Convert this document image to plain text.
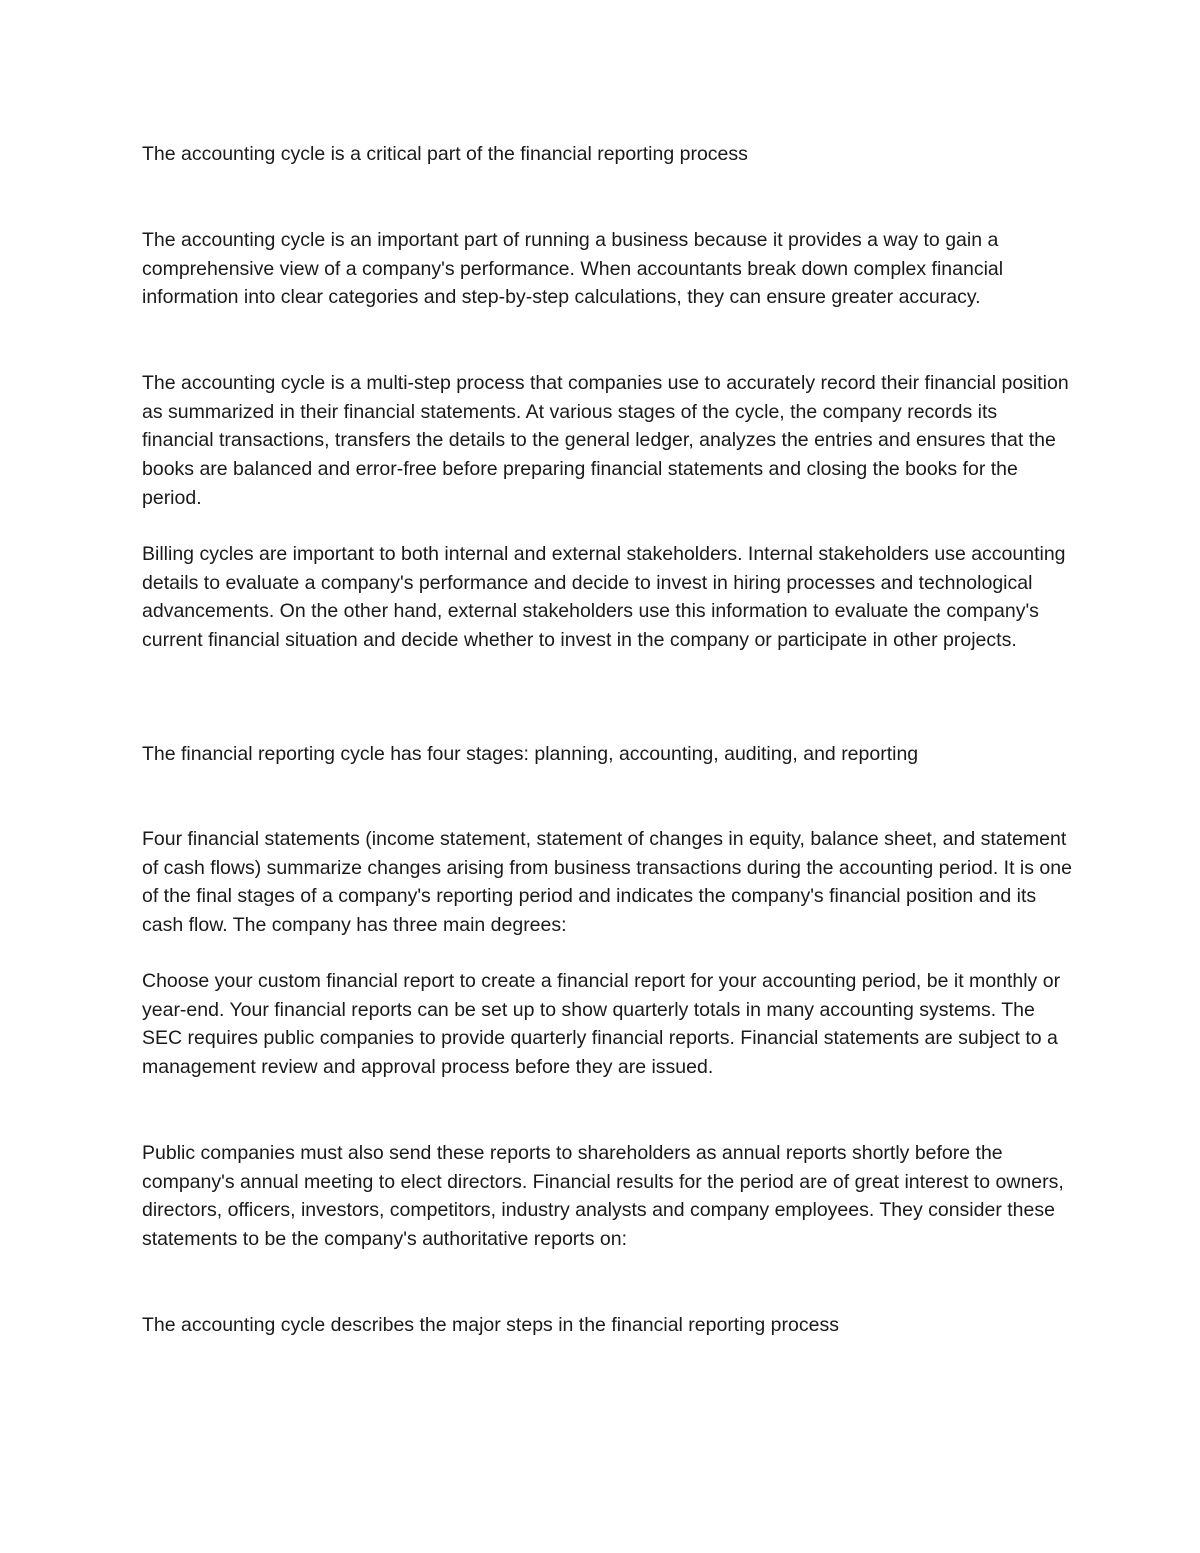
The accounting cycle is a critical part of the financial reporting process

The accounting cycle is an important part of running a business because it provides a way to gain a comprehensive view of a company's performance. When accountants break down complex financial information into clear categories and step-by-step calculations, they can ensure greater accuracy.

The accounting cycle is a multi-step process that companies use to accurately record their financial position as summarized in their financial statements. At various stages of the cycle, the company records its financial transactions, transfers the details to the general ledger, analyzes the entries and ensures that the books are balanced and error-free before preparing financial statements and closing the books for the period.

Billing cycles are important to both internal and external stakeholders. Internal stakeholders use accounting details to evaluate a company's performance and decide to invest in hiring processes and technological advancements. On the other hand, external stakeholders use this information to evaluate the company's current financial situation and decide whether to invest in the company or participate in other projects.

The financial reporting cycle has four stages: planning, accounting, auditing, and reporting

Four financial statements (income statement, statement of changes in equity, balance sheet, and statement of cash flows) summarize changes arising from business transactions during the accounting period. It is one of the final stages of a company's reporting period and indicates the company's financial position and its cash flow. The company has three main degrees:

Choose your custom financial report to create a financial report for your accounting period, be it monthly or year-end. Your financial reports can be set up to show quarterly totals in many accounting systems. The SEC requires public companies to provide quarterly financial reports. Financial statements are subject to a management review and approval process before they are issued.

Public companies must also send these reports to shareholders as annual reports shortly before the company's annual meeting to elect directors. Financial results for the period are of great interest to owners, directors, officers, investors, competitors, industry analysts and company employees. They consider these statements to be the company's authoritative reports on:

The accounting cycle describes the major steps in the financial reporting process
